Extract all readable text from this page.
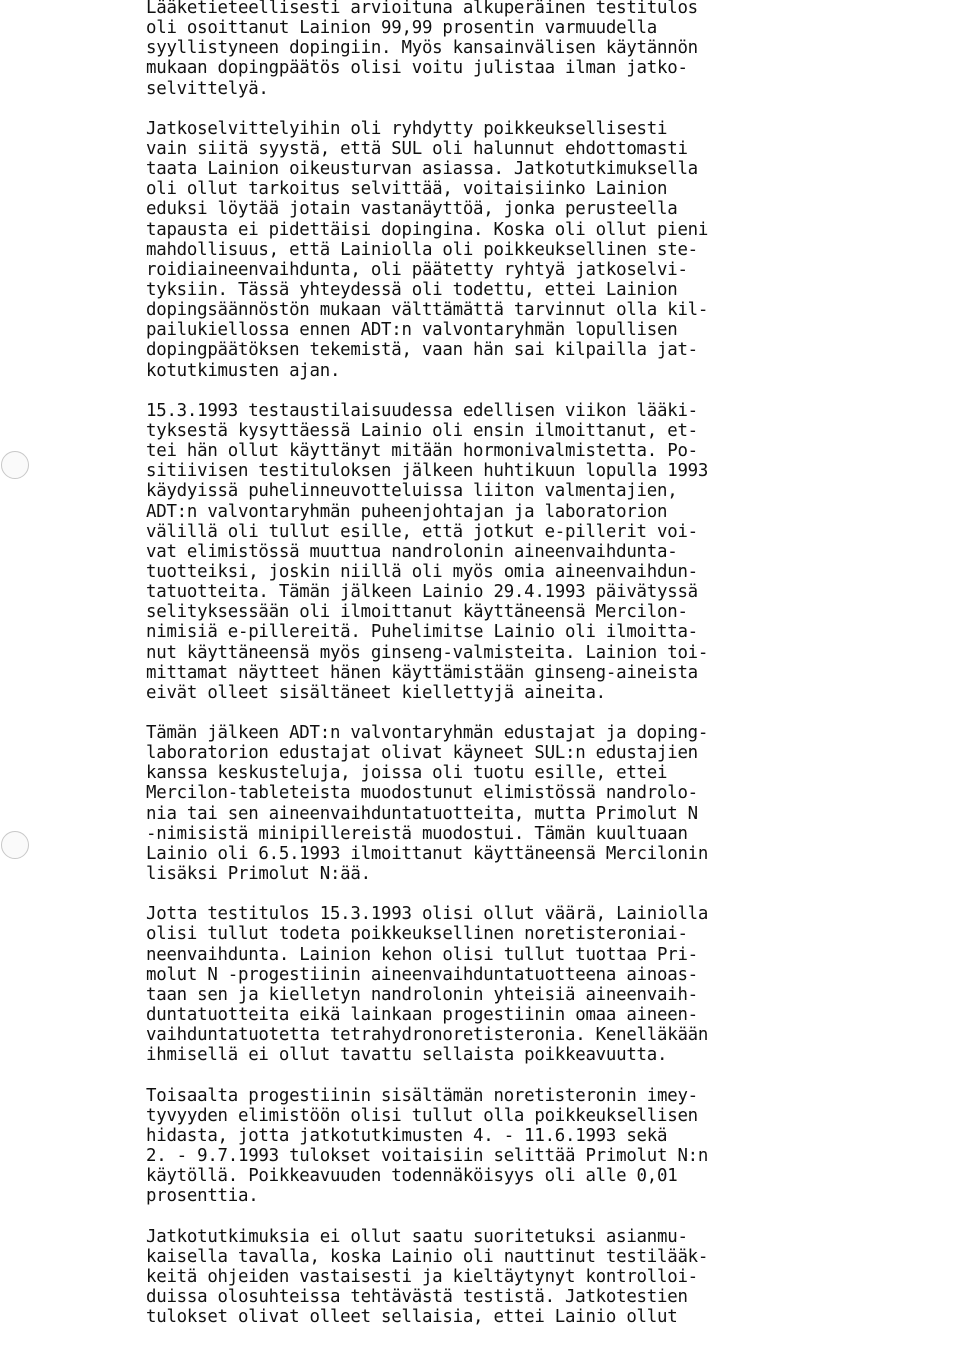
Lääketieteellisesti arvioituna alkuperäinen testitulos
oli osoittanut Lainion 99,99 prosentin varmuudella
syyllistyneen dopingiin. Myös kansainvälisen käytännön
mukaan dopingpäätös olisi voitu julistaa ilman jatko-
selvittelyä.
Jatkoselvittelyihin oli ryhdytty poikkeuksellisesti
vain siitä syystä, että SUL oli halunnut ehdottomasti
taata Lainion oikeusturvan asiassa. Jatkotutkimuksella
oli ollut tarkoitus selvittää, voitaisiinko Lainion
eduksi löytää jotain vastanäyttöä, jonka perusteella
tapausta ei pidettäisi dopingina. Koska oli ollut pieni
mahdollisuus, että Lainiolla oli poikkeuksellinen ste-
roidiaineenvaihdunta, oli päätetty ryhtyä jatkoselvi-
tyksiin. Tässä yhteydessä oli todettu, ettei Lainion
dopingsäännöstön mukaan välttämättä tarvinnut olla kil-
pailukiellossa ennen ADT:n valvontaryhmän lopullisen
dopingpäätöksen tekemistä, vaan hän sai kilpailla jat-
kotutkimusten ajan.
15.3.1993 testaustilaisuudessa edellisen viikon lääki-
tyksestä kysyttäessä Lainio oli ensin ilmoittanut, et-
tei hän ollut käyttänyt mitään hormonivalmistetta. Po-
sitiivisen testituloksen jälkeen huhtikuun lopulla 1993
käydyissä puhelinneuvotteluissa liiton valmentajien,
ADT:n valvontaryhmän puheenjohtajan ja laboratorion
välillä oli tullut esille, että jotkut e-pillerit voi-
vat elimistössä muuttua nandrolonin aineenvaihdunta-
tuotteiksi, joskin niillä oli myös omia aineenvaihdun-
tatuotteita. Tämän jälkeen Lainio 29.4.1993 päivätyssä
selityksessään oli ilmoittanut käyttäneensä Mercilon-
nimisiä e-pillereitä. Puhelimitse Lainio oli ilmoitta-
nut käyttäneensä myös ginseng-valmisteita. Lainion toi-
mittamat näytteet hänen käyttämistään ginseng-aineista
eivät olleet sisältäneet kiellettyjä aineita.
Tämän jälkeen ADT:n valvontaryhmän edustajat ja doping-
laboratorion edustajat olivat käyneet SUL:n edustajien
kanssa keskusteluja, joissa oli tuotu esille, ettei
Mercilon-tableteista muodostunut elimistössä nandrolo-
nia tai sen aineenvaihduntatuotteita, mutta Primolut N
-nimisistä minipillereistä muodostui. Tämän kuultuaan
Lainio oli 6.5.1993 ilmoittanut käyttäneensä Mercilonin
lisäksi Primolut N:ää.
Jotta testitulos 15.3.1993 olisi ollut väärä, Lainiolla
olisi tullut todeta poikkeuksellinen noretisteroniai-
neenvaihdunta. Lainion kehon olisi tullut tuottaa Pri-
molut N -progestiinin aineenvaihduntatuotteena ainoas-
taan sen ja kielletyn nandrolonin yhteisiä aineenvaih-
duntatuotteita eikä lainkaan progestiinin omaa aineen-
vaihduntatuotetta tetrahydronoretisteronia. Kenelläkään
ihmisellä ei ollut tavattu sellaista poikkeavuutta.
Toisaalta progestiinin sisältämän noretisteronin imey-
tyvyyden elimistöön olisi tullut olla poikkeuksellisen
hidasta, jotta jatkotutkimusten 4. - 11.6.1993 sekä
2. - 9.7.1993 tulokset voitaisiin selittää Primolut N:n
käytöllä. Poikkeavuuden todennäköisyys oli alle 0,01
prosenttia.
Jatkotutkimuksia ei ollut saatu suoritetuksi asianmu-
kaisella tavalla, koska Lainio oli nauttinut testilääk-
keitä ohjeiden vastaisesti ja kieltäytynyt kontrolloi-
duissa olosuhteissa tehtävästä testistä. Jatkotestien
tulokset olivat olleet sellaisia, ettei Lainio ollut
